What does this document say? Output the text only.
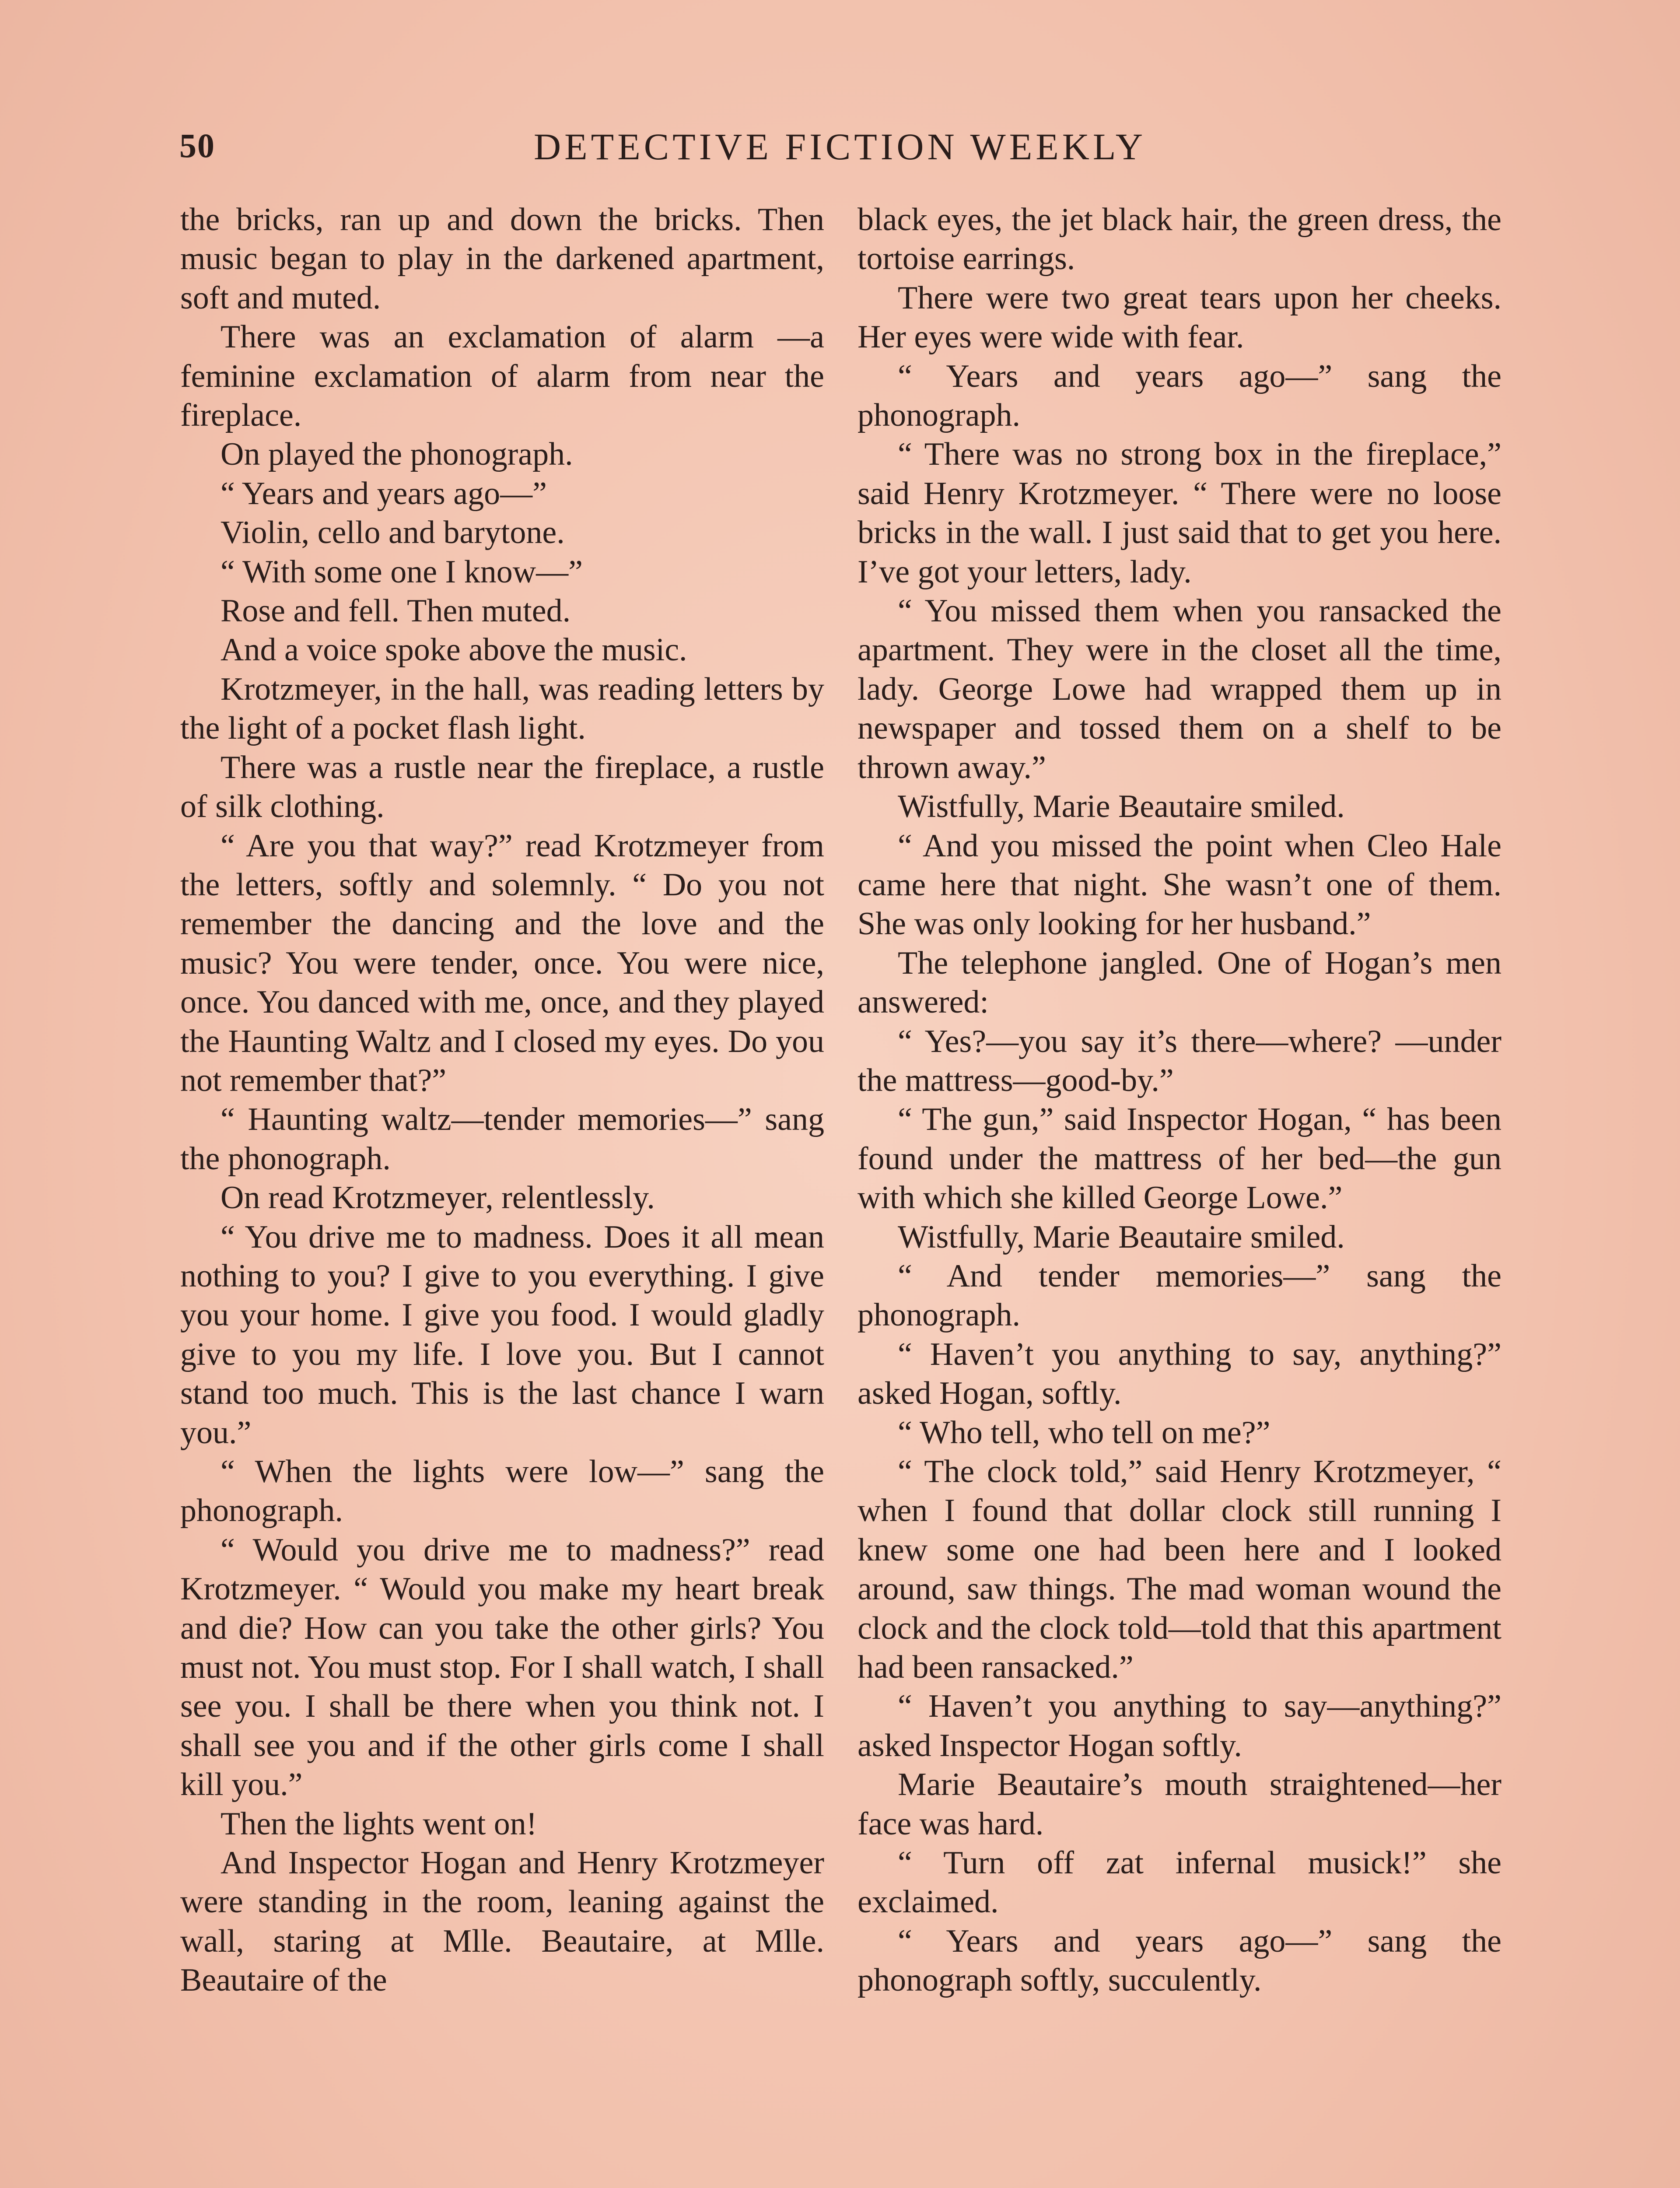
50	DETECTIVE FICTION WEEKLY

the bricks, ran up and down the bricks. Then music began to play in the darkened apartment, soft and muted.

There was an exclamation of alarm —a feminine exclamation of alarm from near the fireplace.

On played the phonograph.

“ Years and years ago—”

Violin, cello and barytone.

“ With some one I know—”

Rose and fell. Then muted.

And a voice spoke above the music.

Krotzmeyer, in the hall, was reading letters by the light of a pocket flash light.

There was a rustle near the fireplace, a rustle of silk clothing.

“ Are you that way?” read Krotzmeyer from the letters, softly and solemnly. “ Do you not remember the dancing and the love and the music? You were tender, once. You were nice, once. You danced with me, once, and they played the Haunting Waltz and I closed my eyes. Do you not remember that?”

“ Haunting waltz—tender memories—” sang the phonograph.

On read Krotzmeyer, relentlessly.

“ You drive me to madness. Does it all mean nothing to you? I give to you everything. I give you your home. I give you food. I would gladly give to you my life. I love you. But I cannot stand too much. This is the last chance I warn you.”

“ When the lights were low—” sang the phonograph.

“ Would you drive me to madness?” read Krotzmeyer. “ Would you make my heart break and die? How can you take the other girls? You must not. You must stop. For I shall watch, I shall see you. I shall be there when you think not. I shall see you and if the other girls come I shall kill you.”

Then the lights went on!

And Inspector Hogan and Henry Krotzmeyer were standing in the room, leaning against the wall, staring at Mlle. Beautaire, at Mlle. Beautaire of the

black eyes, the jet black hair, the green dress, the tortoise earrings.

There were two great tears upon her cheeks. Her eyes were wide with fear.

“ Years and years ago—” sang the phonograph.

“ There was no strong box in the fireplace,” said Henry Krotzmeyer. “ There were no loose bricks in the wall. I just said that to get you here. I’ve got your letters, lady.

“ You missed them when you ransacked the apartment. They were in the closet all the time, lady. George Lowe had wrapped them up in newspaper and tossed them on a shelf to be thrown away.”

Wistfully, Marie Beautaire smiled.

“ And you missed the point when Cleo Hale came here that night. She wasn’t one of them. She was only looking for her husband.”

The telephone jangled. One of Hogan’s men answered:

“ Yes?—you say it’s there—where? —under the mattress—good-by.”

“ The gun,” said Inspector Hogan, “ has been found under the mattress of her bed—the gun with which she killed George Lowe.”

Wistfully, Marie Beautaire smiled.

“ And tender memories—” sang the phonograph.

“ Haven’t you anything to say, anything?” asked Hogan, softly.

“ Who tell, who tell on me?”

“ The clock told,” said Henry Krotzmeyer, “ when I found that dollar clock still running I knew some one had been here and I looked around, saw things. The mad woman wound the clock and the clock told—told that this apartment had been ransacked.”

“ Haven’t you anything to say—anything?” asked Inspector Hogan softly.

Marie Beautaire’s mouth straightened—her face was hard.

“ Turn off zat infernal musick!” she exclaimed.

“ Years and years ago—” sang the phonograph softly, succulently.
